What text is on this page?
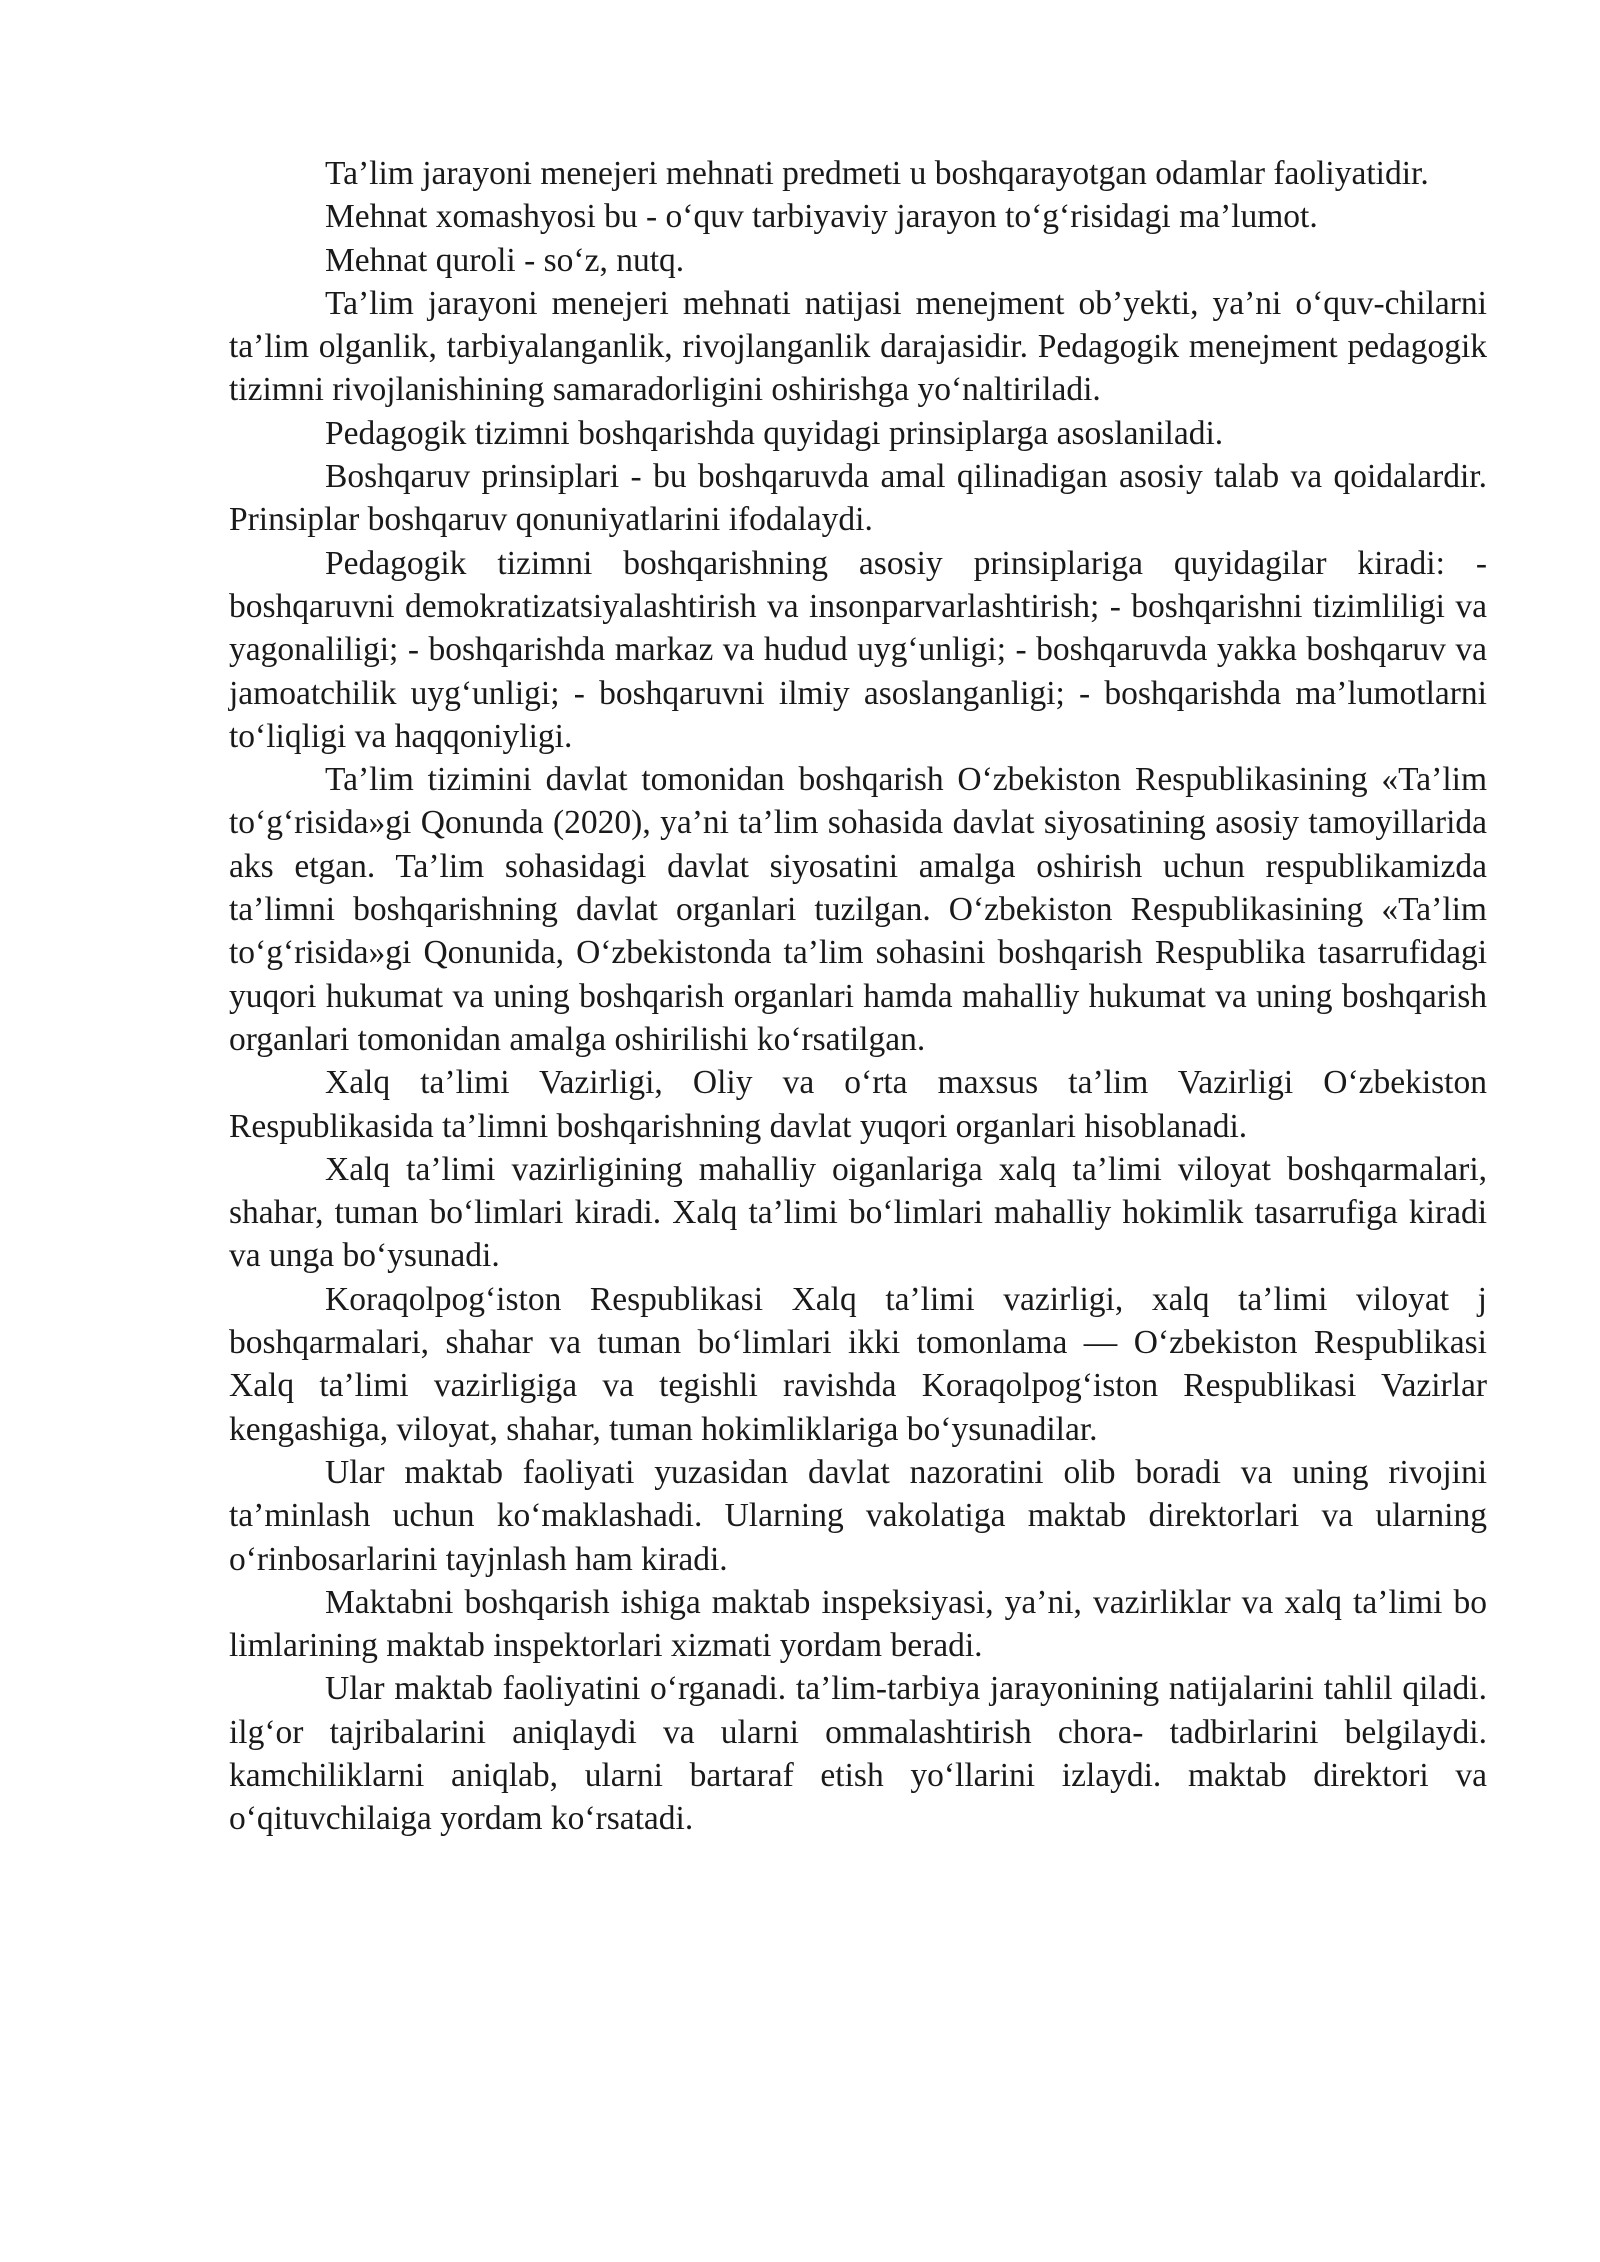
Ta’lim jarayoni menejeri mehnati predmeti u boshqarayotgan odamlar faoliyatidir.

Mehnat xomashyosi bu - o‘quv tarbiyaviy jarayon to‘g‘risidagi ma’lumot.

Mehnat quroli - so‘z, nutq.

Ta’lim jarayoni menejeri mehnati natijasi menejment ob’yekti, ya’ni o‘quv-chilarni ta’lim olganlik, tarbiyalanganlik, rivojlanganlik darajasidir. Pedagogik menejment pedagogik tizimni rivojlanishining samaradorligini oshirishga yo‘naltiriladi.

Pedagogik tizimni boshqarishda quyidagi prinsiplarga asoslaniladi.

Boshqaruv prinsiplari - bu boshqaruvda amal qilinadigan asosiy talab va qoidalardir. Prinsiplar boshqaruv qonuniyatlarini ifodalaydi.

Pedagogik tizimni boshqarishning asosiy prinsiplariga quyidagilar kiradi: - boshqaruvni demokratizatsiyalashtirish va insonparvarlashtirish; - boshqarishni tizimliligi va yagonaliligi; - boshqarishda markaz va hudud uyg‘unligi; - boshqaruvda yakka boshqaruv va jamoatchilik uyg‘unligi; - boshqaruvni ilmiy asoslanganligi; - boshqarishda ma’lumotlarni to‘liqligi va haqqoniyligi.

Ta’lim tizimini davlat tomonidan boshqarish O‘zbekiston Respublikasining «Ta’lim to‘g‘risida»gi Qonunda (2020), ya’ni ta’lim sohasida davlat siyosatining asosiy tamoyillarida aks etgan. Ta’lim sohasidagi davlat siyosatini amalga oshirish uchun respublikamizda ta’limni boshqarishning davlat organlari tuzilgan. O‘zbekiston Respublikasining «Ta’lim to‘g‘risida»gi Qonunida, O‘zbekistonda ta’lim sohasini boshqarish Respublika tasarrufidagi yuqori hukumat va uning boshqarish organlari hamda mahalliy hukumat va uning boshqarish organlari tomonidan amalga oshirilishi ko‘rsatilgan.

Xalq ta’limi Vazirligi, Oliy va o‘rta maxsus ta’lim Vazirligi O‘zbekiston Respublikasida ta’limni boshqarishning davlat yuqori organlari hisoblanadi.

Xalq ta’limi vazirligining mahalliy oiganlariga xalq ta’limi viloyat boshqarmalari, shahar, tuman bo‘limlari kiradi. Xalq ta’limi bo‘limlari mahalliy hokimlik tasarrufiga kiradi va unga bo‘ysunadi.

Koraqolpog‘iston Respublikasi Xalq ta’limi vazirligi, xalq ta’limi viloyat j boshqarmalari, shahar va tuman bo‘limlari ikki tomonlama — O‘zbekiston Respublikasi Xalq ta’limi vazirligiga va tegishli ravishda Koraqolpog‘iston Respublikasi Vazirlar kengashiga, viloyat, shahar, tuman hokimliklariga bo‘ysunadilar.

Ular maktab faoliyati yuzasidan davlat nazoratini olib boradi va uning rivojini ta’minlash uchun ko‘maklashadi. Ularning vakolatiga maktab direktorlari va ularning o‘rinbosarlarini tayjnlash ham kiradi.

Maktabni boshqarish ishiga maktab inspeksiyasi, ya’ni, vazirliklar va xalq ta’limi bo limlarining maktab inspektorlari xizmati yordam beradi.

Ular maktab faoliyatini o‘rganadi. ta’lim-tarbiya jarayonining natijalarini tahlil qiladi. ilg‘or tajribalarini aniqlaydi va ularni ommalashtirish chora- tadbirlarini belgilaydi. kamchiliklarni aniqlab, ularni bartaraf etish yo‘llarini izlaydi. maktab direktori va o‘qituvchilaiga yordam ko‘rsatadi.
